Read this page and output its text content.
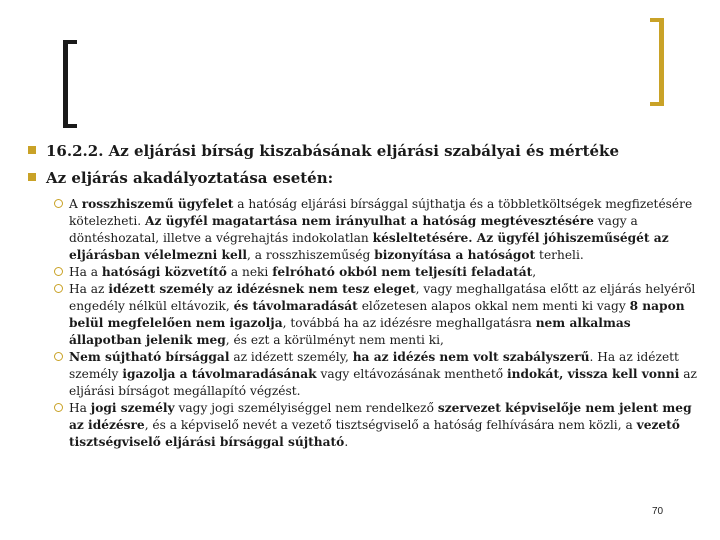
16.2.2. Az eljárási bírság kiszabásának eljárási szabályai és mértéke
Az eljárás akadályoztatása esetén:
A rosszhiszemű ügyfelet a hatóság eljárási bírsággal sújthatja és a többletköltségek megfizetésére kötelezheti. Az ügyfél magatartása nem irányulhat a hatóság megtévesztésére vagy a döntéshozatal, illetve a végrehajtás indokolatlan késleltetésére. Az ügyfél jóhiszeműségét az eljárásban vélelmezni kell, a rosszhiszeműség bizonyítása a hatóságot terheli.
Ha a hatósági közvetítő a neki felróható okból nem teljesíti feladatát,
Ha az idézett személy az idézésnek nem tesz eleget, vagy meghallgatása előtt az eljárás helyéről engedély nélkül eltávozik, és távolmaradását előzetesen alapos okkal nem menti ki vagy 8 napon belül megfelelően nem igazolja, továbbá ha az idézésre meghallgatásra nem alkalmas állapotban jelenik meg, és ezt a körülményt nem menti ki,
Nem sújtható bírsággal az idézett személy, ha az idézés nem volt szabályszerű. Ha az idézett személy igazolja a távolmaradásának vagy eltávozásának menthető indokát, vissza kell vonni az eljárási bírságot megállapító végzést.
Ha jogi személy vagy jogi személyiséggel nem rendelkező szervezet képviselője nem jelent meg az idézésre, és a képviselő nevét a vezető tisztségviselő a hatóság felhívására nem közli, a vezető tisztségviselő eljárási bírsággal sújtható.
70
